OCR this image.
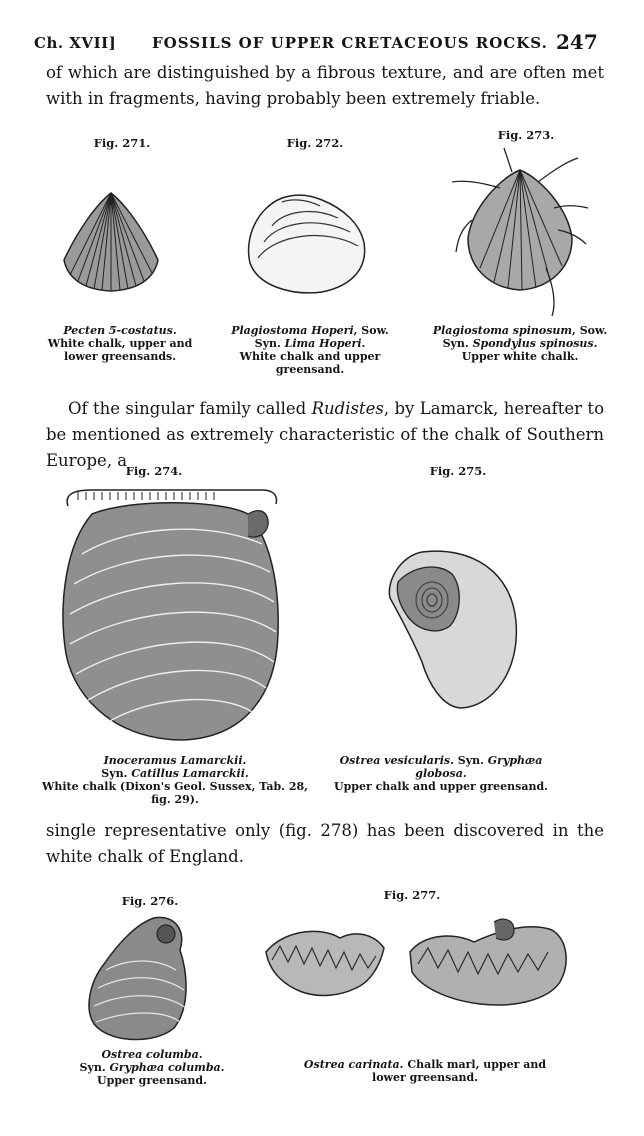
Ch. XVII] FOSSILS OF UPPER CRETACEOUS ROCKS. 247
of which are distinguished by a fibrous texture, and are often met with in fragments, having probably been extremely friable.
Fig. 271.
Pecten 5-costatus.
White chalk, upper and
lower greensands.
Fig. 272.
Plagiostoma Hoperi, Sow.
Syn. Lima Hoperi.
White chalk and upper
greensand.
Fig. 273.
Plagiostoma spinosum, Sow.
Syn. Spondylus spinosus.
Upper white chalk.
Of the singular family called Rudistes, by Lamarck, hereafter to be mentioned as extremely characteristic of the chalk of Southern Europe, a
Fig. 274.
Inoceramus Lamarckii.
Syn. Catillus Lamarckii.
White chalk (Dixon's Geol. Sussex, Tab. 28,
fig. 29).
Fig. 275.
Ostrea vesicularis. Syn. Gryphæa globosa.
Upper chalk and upper greensand.
single representative only (fig. 278) has been discovered in the white chalk of England.
Fig. 276.
Ostrea columba.
Syn. Gryphæa columba.
Upper greensand.
Fig. 277.
Ostrea carinata. Chalk marl, upper and
lower greensand.
